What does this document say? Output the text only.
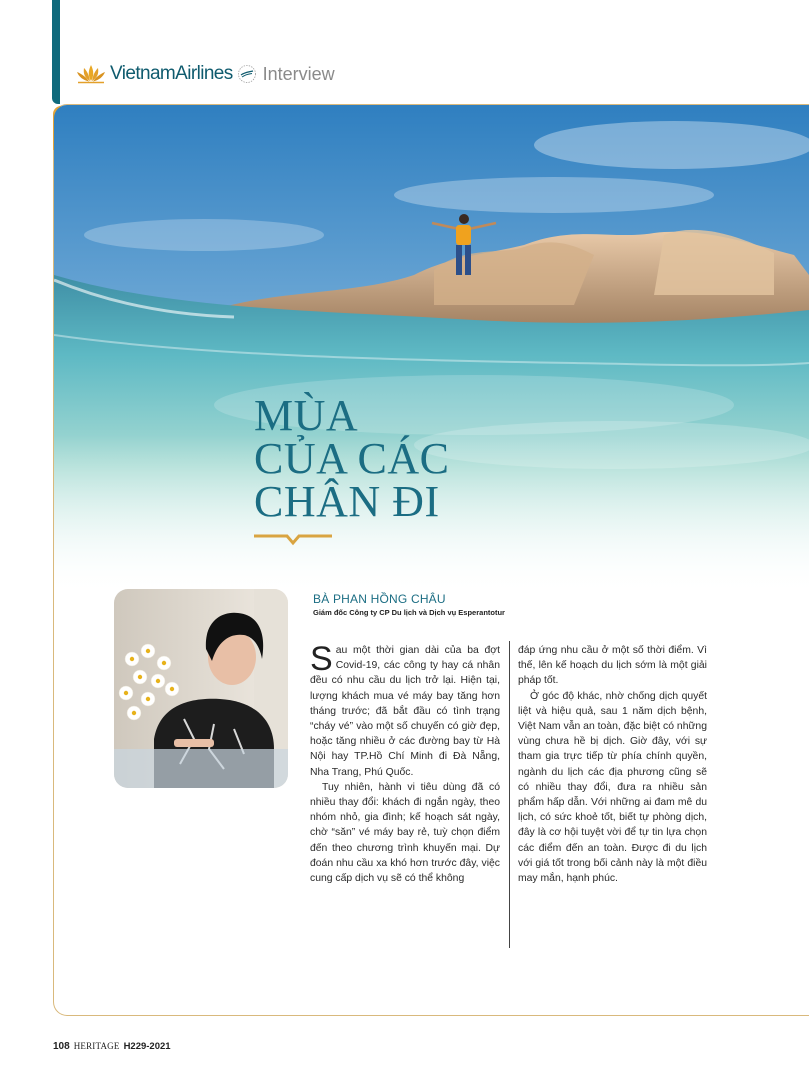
VietnamAirlines Interview
MÙA
CỦA CÁC
CHÂN ĐI
BÀ PHAN HỒNG CHÂU
Giám đốc Công ty CP Du lịch và Dịch vụ Esperantotur

Sau một thời gian dài của ba đợt Covid-19, các công ty hay cá nhân đều có nhu cầu du lịch trở lại. Hiện tại, lượng khách mua vé máy bay tăng hơn tháng trước; đã bắt đầu có tình trạng “cháy vé” vào một số chuyến có giờ đẹp, hoặc tăng nhiều ở các đường bay từ Hà Nội hay TP.Hồ Chí Minh đi Đà Nẵng, Nha Trang, Phú Quốc.

Tuy nhiên, hành vi tiêu dùng đã có nhiều thay đổi: khách đi ngắn ngày, theo nhóm nhỏ, gia đình; kế hoạch sát ngày, chờ “săn” vé máy bay rẻ, tuỳ chọn điểm đến theo chương trình khuyến mại. Dự đoán nhu cầu xa khó hơn trước đây, việc cung cấp dịch vụ sẽ có thể không

đáp ứng nhu cầu ở một số thời điểm. Vì thế, lên kế hoạch du lịch sớm là một giải pháp tốt.

Ở góc độ khác, nhờ chống dịch quyết liệt và hiệu quả, sau 1 năm dịch bệnh, Việt Nam vẫn an toàn, đặc biệt có những vùng chưa hề bị dịch. Giờ đây, với sự tham gia trực tiếp từ phía chính quyền, ngành du lịch các địa phương cũng sẽ có nhiều thay đổi, đưa ra nhiều sản phẩm hấp dẫn. Với những ai đam mê du lịch, có sức khoẻ tốt, biết tự phòng dịch, đây là cơ hội tuyệt vời để tự tin lựa chọn các điểm đến an toàn. Được đi du lịch với giá tốt trong bối cảnh này là một điều may mắn, hạnh phúc.

108 HERITAGE H229-2021
